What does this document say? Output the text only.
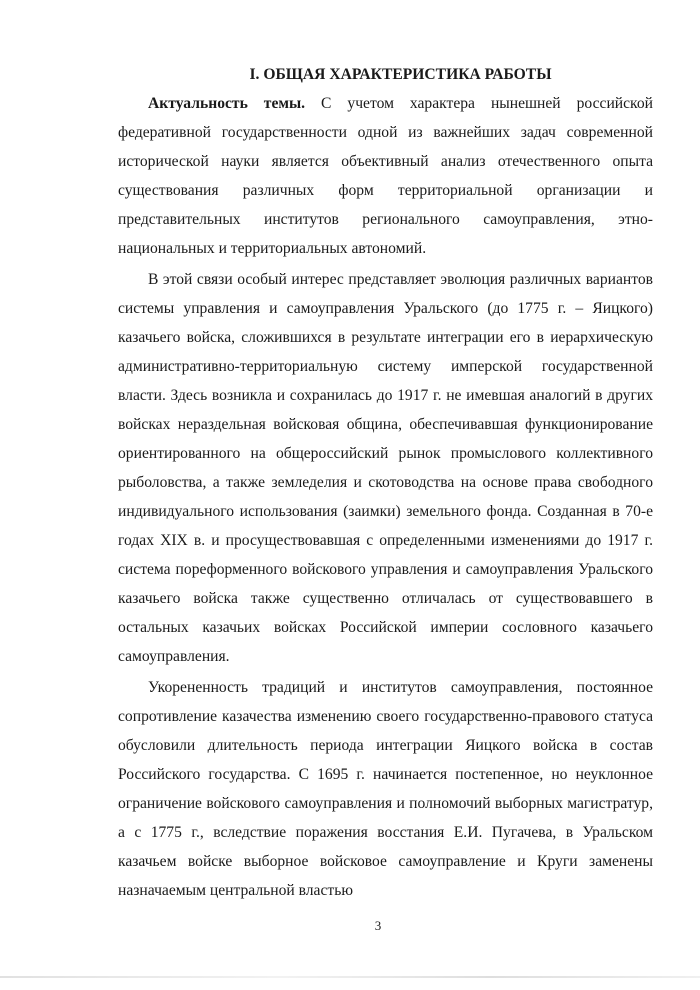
I. ОБЩАЯ ХАРАКТЕРИСТИКА РАБОТЫ

Актуальность темы. С учетом характера нынешней российской федеративной государственности одной из важнейших задач современной исторической науки является объективный анализ отечественного опыта существования различных форм территориальной организации и представительных институтов регионального самоуправления, этно-национальных и территориальных автономий.

В этой связи особый интерес представляет эволюция различных вариантов системы управления и самоуправления Уральского (до 1775 г. – Яицкого) казачьего войска, сложившихся в результате интеграции его в иерархическую административно-территориальную систему имперской государственной власти. Здесь возникла и сохранилась до 1917 г. не имевшая аналогий в других войсках нераздельная войсковая община, обеспечивавшая функционирование ориентированного на общероссийский рынок промыслового коллективного рыболовства, а также земледелия и скотоводства на основе права свободного индивидуального использования (заимки) земельного фонда. Созданная в 70-е годах XIX в. и просуществовавшая с определенными изменениями до 1917 г. система пореформенного войскового управления и самоуправления Уральского казачьего войска также существенно отличалась от существовавшего в остальных казачьих войсках Российской империи сословного казачьего самоуправления.

Укорененность традиций и институтов самоуправления, постоянное сопротивление казачества изменению своего государственно-правового статуса обусловили длительность периода интеграции Яицкого войска в состав Российского государства. С 1695 г. начинается постепенное, но неуклонное ограничение войскового самоуправления и полномочий выборных магистратур, а с 1775 г., вследствие поражения восстания Е.И. Пугачева, в Уральском казачьем войске выборное войсковое самоуправление и Круги заменены назначаемым центральной властью

3
